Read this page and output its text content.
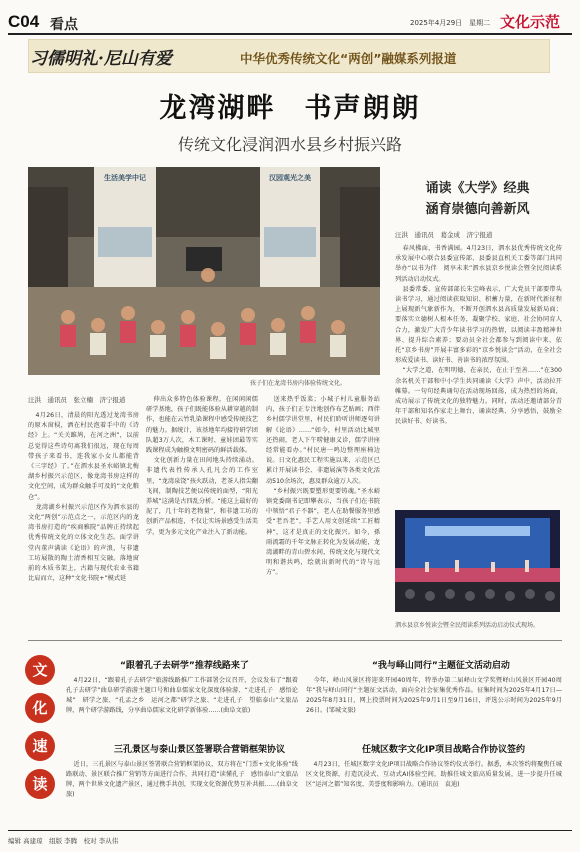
C04 看点	2025年4月29日　星期二 文化示范
习儒明礼·尼山有爱	中华优秀传统文化“两创”融媒系列报道
龙湾湖畔　书声朗朗
传统文化浸润泗水县乡村振兴路
生活美学中记	汉园观光之美
孩子们在龙湾书房内体验传统文化。
诵读《大学》经典
涵育崇德向善新风
汪洪　通讯员　葛金成　济宁报道

春风拂面，书香满园。4月23日，泗水县优秀传统文化传承发展中心联合县委宣传部、县委县直机关工委等部门共同举办“以书为伴　阅享未来”泗水县京乡悦读会暨全民阅读系列活动启动仪式。

县委常委、宣传部部长朱宝峰表示，广大党员干部要带头读书学习，通过阅读获取知识、积蓄力量，在新时代新征程上展现新气象新作为，不断开创泗水县高质量发展新局面；要落实立德树人根本任务，凝聚学校、家庭、社会协同育人合力，激发广大青少年读书学习的热情，以阅读丰盈精神世界、提升综合素养；要动员全社会都参与到阅读中来，依托“京乡书房”开展丰富多彩的“京乡悦读会”活动，在全社会形成爱读书、读好书、善读书的浓厚氛围。

“大学之道，在明明德，在亲民，在止于至善……”在300余名机关干部和中小学生共同诵读《大学》声中，活动拉开帷幕。一句句经典诵句在活动现场回荡，成为热烈的场面，成功展示了传统文化的独特魅力。同时，活动还邀请部分青年干部和知名作家走上舞台，诵读经典、分享感悟，鼓励全民读好书、好读书。

汪洪　通讯员　张立楠　济宁报道

4月26日，清晨的阳光透过龙湾书房的原木窗棂，洒在村民泡着手中的《诗经》上。“关关雎鸠，在河之洲”，以前总觉得这些诗句离我们很远，现在每周带孩子来看书，连我家小女儿都能背《三字经》了。”在泗水县圣水峪镇北梅湖乡村振兴示范区，像龙湾书房这样的文化空间，成为群众触手可及的“文化粮仓”。

龙湾湖乡村振兴示范区作为泗水县的文化“两创”示范点之一，示范区内的龙湾书房打造的“疾商雅院”品牌正持续起优秀传统文化的立体文化生态。面学讲堂内董声满读《论语》的声浪，与非遗工坊展散的陶土清香相互交融。落地窗前的木质书架上，古籍与现代农业书籍比肩而立，这种“文化书院+”模式延

伸出众多特色体验课程，在闲闲闲儒研学基地，孩子们既能体验从耕穿越的制作，也能在云竹乳染课程中感受传统技艺的魅力。据统计，该基地年均接待研学团队超3万人次，木工课时、童娃团最等实践课程成为触摸文明密码的鲜活载体。

文化创新力量在田间地头持续涌动。非遗代表性传承人孔凡会的工作室里，“龙湾泉饶”孩火跃动，老茶人指尖翻飞间，制陶技艺便以传统的面型，“阳光养城”这满是古四乱分析。“能这上最好的泥了，几十年的老物量”，和非遗工坊的创新产品相连，不仅让实场景感受生活美学，更为多元文化产业注入了新动能。

送来热乎饭菜；小城子村儿童服务站内，孩子们正专注地创作布艺贴画；西伴乡村儒学讲堂里，村民们聆听讲师逐句讲解《论语》……“如今，村里活动比城里还热闹，老人下午唠健康义诊，儒学讲座经常能看办。”村民唐一鸣边整理座椅边说。日文化惠民工程实施以来，示范区已累计开展读书会、非遗展演等各类文化活动510余场次，惠及群众逾万人次。

“乡村振兴既要塑形更要铸魂。”圣水峪镇党委副书记即攀表示，当孩子们在书院中领悟“君子不器”，老人在助餐服务里感受“老吾老”，手艺人用文创延续“工匠精神”，这才是真正的文化振兴。如今，孫雨流霜的千年文脉正转化为发展动能，龙湾湖畔的青山碧水间，传统文化与现代文明和谐共鸣，绘就出新时代的“诗与远方”。

泗水县京乡悦读会暨全民阅读系列活动启动仪式现场。
文
化
速
读
“跟着孔子去研学”推荐线路来了
4月22日，“跟着孔子去研学”旅游线路推广工作部署会议召开，会议发布了“跟着孔子去研学”曲阜研学游游主题口号和曲阜儒家文化深度体验游、“走进孔子　感悟论城”　研学之旅、“孔孟之乡　运河之都”研学之旅、“走进孔子　望临泰山”文旅品牌，两个研学游路线，分享曲阜儒家文化研学新体验……(曲阜文旅)
“我与峄山同行”主题征文活动启动
今年，峄山风景区将迎来开园40周年，特举办第二届峄山文学奖暨峄山风景区开园40周年“我与峄山同行”主题征文活动，面向全社会征集优秀作品。征集时间为2025年4月17日—2025年8月31日，网上投票时间为2025年9月1日至9月16日，评选公示时间为2025年9月26日。(邹城文旅)
三孔景区与泰山景区签署联合营销框架协议
近日，三孔景区与泰山景区签署联合营销框架协议，双方将在“门票+文化体验”线路联动、景区联合推广营销等方面进行合作，共同打造“读懂孔子　感悟泰山”文旅品牌，两个世界文化遗产景区，通过携手共创，实现文化资源优势互补共振……(曲阜文旅)
任城区数字文化IP项目战略合作协议签约
4月23日，任城区数字文化IP项目战略合作协议签约仪式举行。据悉，本次签约将聚焦任城区文化资源，打造沉浸式、互动式AI体验空间，助推任城文旅高质量发展，进一步提升任城区“运河之都”知名度、美誉度和影响力。(通讯员　袁迪)
编辑 高建琼　组版 李腾　校对 李从伟
